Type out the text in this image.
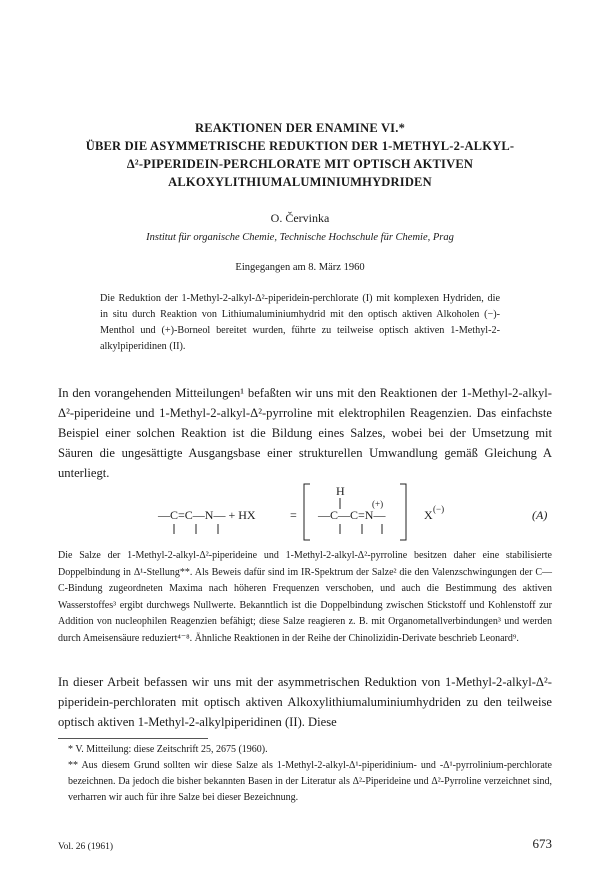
REAKTIONEN DER ENAMINE VI.*
ÜBER DIE ASYMMETRISCHE REDUKTION DER 1-METHYL-2-ALKYL-
Δ²-PIPERIDEIN-PERCHLORATE MIT OPTISCH AKTIVEN
ALKOXYLITHIUMALUMINIUMHYDRIDEN
O. Červinka
Institut für organische Chemie, Technische Hochschule für Chemie, Prag
Eingegangen am 8. März 1960
Die Reduktion der 1-Methyl-2-alkyl-Δ²-piperidein-perchlorate (I) mit komplexen Hydriden, die in situ durch Reaktion von Lithiumaluminiumhydrid mit den optisch aktiven Alkoholen (−)-Menthol und (+)-Borneol bereitet wurden, führte zu teilweise optisch aktiven 1-Methyl-2-alkylpiperidinen (II).
In den vorangehenden Mitteilungen¹ befaßten wir uns mit den Reaktionen der 1-Methyl-2-alkyl-Δ²-piperideine und 1-Methyl-2-alkyl-Δ²-pyrroline mit elektrophilen Reagenzien. Das einfachste Beispiel einer solchen Reaktion ist die Bildung eines Salzes, wobei bei der Umsetzung mit Säuren die ungesättigte Ausgangsbase einer strukturellen Umwandlung gemäß Gleichung A unterliegt.
—C=C—N— + HX	=
H
—C—C=N—
(+)
X (−)	(A)
Die Salze der 1-Methyl-2-alkyl-Δ²-piperideine und 1-Methyl-2-alkyl-Δ²-pyrroline besitzen daher eine stabilisierte Doppelbindung in Δ¹-Stellung**. Als Beweis dafür sind im IR-Spektrum der Salze² die den Valenzschwingungen der C—C-Bindung zugeordneten Maxima nach höheren Frequenzen verschoben, und auch die Bestimmung des aktiven Wasserstoffes³ ergibt durchwegs Nullwerte. Bekanntlich ist die Doppelbindung zwischen Stickstoff und Kohlenstoff zur Addition von nucleophilen Reagenzien befähigt; diese Salze reagieren z. B. mit Organometallverbindungen³ und werden durch Ameisensäure reduziert⁴⁻⁸. Ähnliche Reaktionen in der Reihe der Chinolizidin-Derivate beschrieb Leonard⁹.
In dieser Arbeit befassen wir uns mit der asymmetrischen Reduktion von 1-Methyl-2-alkyl-Δ²-piperidein-perchloraten mit optisch aktiven Alkoxylithiumaluminiumhydriden zu den teilweise optisch aktiven 1-Methyl-2-alkylpiperidinen (II). Diese
* V. Mitteilung: diese Zeitschrift 25, 2675 (1960).
** Aus diesem Grund sollten wir diese Salze als 1-Methyl-2-alkyl-Δ¹-piperidinium- und -Δ¹-pyrrolinium-perchlorate bezeichnen. Da jedoch die bisher bekannten Basen in der Literatur als Δ²-Piperideine und Δ²-Pyrroline verzeichnet sind, verharren wir auch für ihre Salze bei dieser Bezeichnung.
Vol. 26 (1961)	673
